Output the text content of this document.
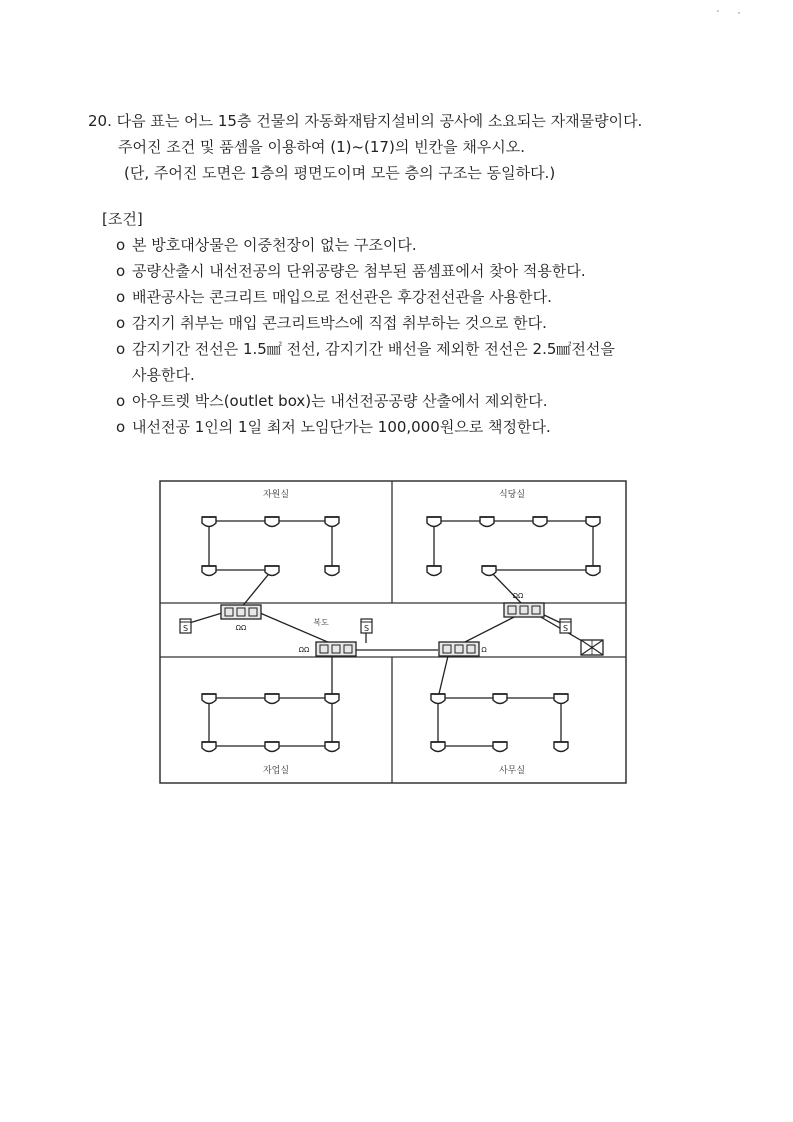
20. 다음 표는 어느 15층 건물의 자동화재탐지설비의 공사에 소요되는 자재물량이다.
주어진 조건 및 품셈을 이용하여 (1)~(17)의 빈칸을 채우시오.
(단, 주어진 도면은 1층의 평면도이며 모든 층의 구조는 동일하다.)
[조건]
o 본 방호대상물은 이중천장이 없는 구조이다.
o 공량산출시 내선전공의 단위공량은 첨부된 품셈표에서 찾아 적용한다.
o 배관공사는 콘크리트 매입으로 전선관은 후강전선관을 사용한다.
o 감지기 취부는 매입 콘크리트박스에 직접 취부하는 것으로 한다.
o 감지기간 전선은 1.5㎟ 전선, 감지기간 배선을 제외한 전선은 2.5㎟전선을
사용한다.
o 아우트렛 박스(outlet box)는 내선전공공량 산출에서 제외한다.
o 내선전공 1인의 1일 최저 노임단가는 100,000원으로 책정한다.
자원실	식당실
자업실	사무실
복도
ΩΩ
ΩΩ	Ω
ΩΩ
S	S	S
